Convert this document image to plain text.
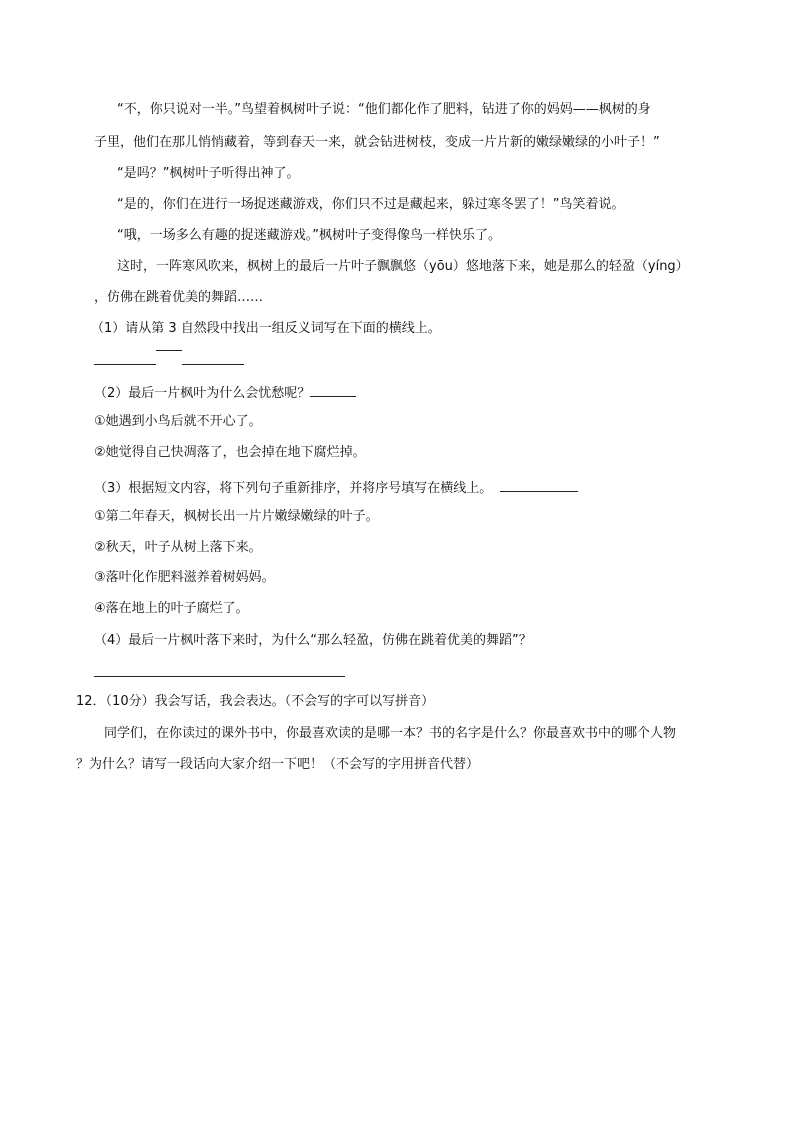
“不，你只说对一半。”鸟望着枫树叶子说：“他们都化作了肥料，钻进了你的妈妈——枫树的身
子里，他们在那儿悄悄藏着，等到春天一来，就会钻进树枝，变成一片片新的嫩绿嫩绿的小叶子！”
“是吗？”枫树叶子听得出神了。
“是的，你们在进行一场捉迷藏游戏，你们只不过是藏起来，躲过寒冬罢了！”鸟笑着说。
“哦，一场多么有趣的捉迷藏游戏。”枫树叶子变得像鸟一样快乐了。
这时，一阵寒风吹来，枫树上的最后一片叶子飘飘悠（yōu）悠地落下来，她是那么的轻盈（yíng）
，仿佛在跳着优美的舞蹈……
（1）请从第 3 自然段中找出一组反义词写在下面的横线上。
（2）最后一片枫叶为什么会忧愁呢？
①她遇到小鸟后就不开心了。
②她觉得自己快凋落了，也会掉在地下腐烂掉。
（3）根据短文内容，将下列句子重新排序，并将序号填写在横线上。
①第二年春天，枫树长出一片片嫩绿嫩绿的叶子。
②秋天，叶子从树上落下来。
③落叶化作肥料滋养着树妈妈。
④落在地上的叶子腐烂了。
（4）最后一片枫叶落下来时，为什么“那么轻盈，仿佛在跳着优美的舞蹈”？
12．（10分）我会写话，我会表达。（不会写的字可以写拼音）
同学们，在你读过的课外书中，你最喜欢读的是哪一本？书的名字是什么？你最喜欢书中的哪个人物
？为什么？请写一段话向大家介绍一下吧！（不会写的字用拼音代替）
